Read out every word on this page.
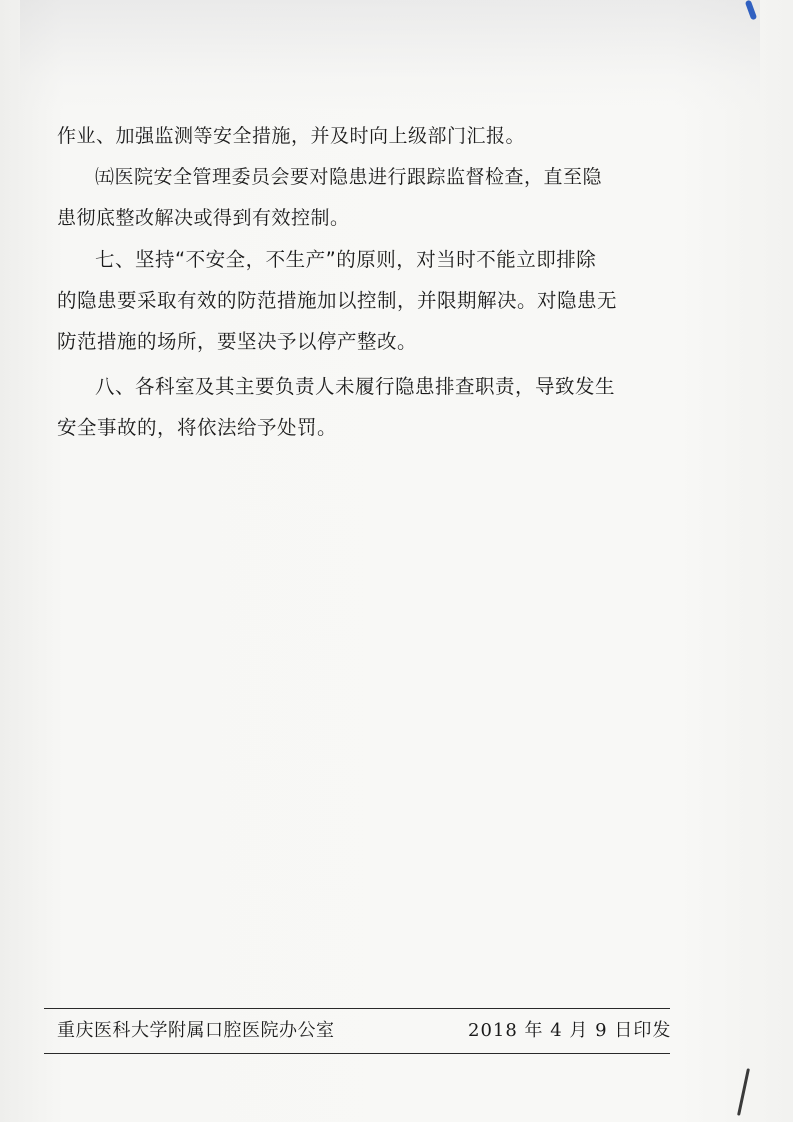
作业、加强监测等安全措施，并及时向上级部门汇报。

㈤医院安全管理委员会要对隐患进行跟踪监督检查，直至隐
患彻底整改解决或得到有效控制。

七、坚持“不安全，不生产”的原则，对当时不能立即排除
的隐患要采取有效的防范措施加以控制，并限期解决。对隐患无
防范措施的场所，要坚决予以停产整改。

八、各科室及其主要负责人未履行隐患排查职责，导致发生
安全事故的，将依法给予处罚。

重庆医科大学附属口腔医院办公室	2018 年 4 月 9 日印发
